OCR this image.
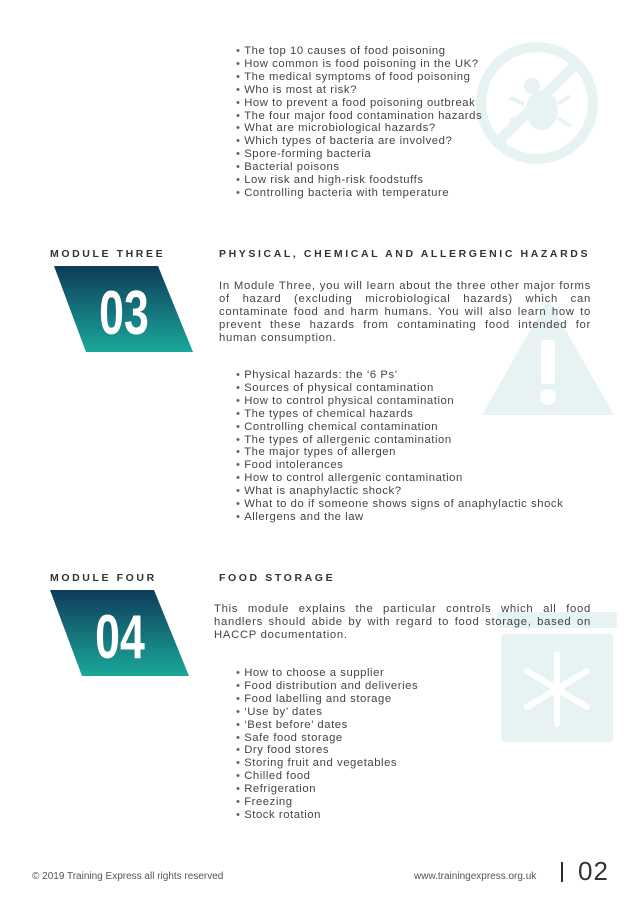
• The top 10 causes of food poisoning
• How common is food poisoning in the UK?
• The medical symptoms of food poisoning
• Who is most at risk?
• How to prevent a food poisoning outbreak
• The four major food contamination hazards
• What are microbiological hazards?
• Which types of bacteria are involved?
• Spore-forming bacteria
• Bacterial poisons
• Low risk and high-risk foodstuffs
• Controlling bacteria with temperature
MODULE THREE	PHYSICAL, CHEMICAL AND ALLERGENIC HAZARDS
03	In Module Three, you will learn about the three other major forms of hazard (excluding microbiological hazards) which can contaminate food and harm humans. You will also learn how to prevent these hazards from contaminating food intended for human consumption.

• Physical hazards: the ‘6 Ps’
• Sources of physical contamination
• How to control physical contamination
• The types of chemical hazards
• Controlling chemical contamination
• The types of allergenic contamination
• The major types of allergen
• Food intolerances
• How to control allergenic contamination
• What is anaphylactic shock?
• What to do if someone shows signs of anaphylactic shock
• Allergens and the law
MODULE FOUR	FOOD STORAGE
04	This module explains the particular controls which all food handlers should abide by with regard to food storage, based on HACCP documentation.

• How to choose a supplier
• Food distribution and deliveries
• Food labelling and storage
• ‘Use by’ dates
• ‘Best before’ dates
• Safe food storage
• Dry food stores
• Storing fruit and vegetables
• Chilled food
• Refrigeration
• Freezing
• Stock rotation
© 2019 Training Express all rights reserved	www.trainingexpress.org.uk 02
